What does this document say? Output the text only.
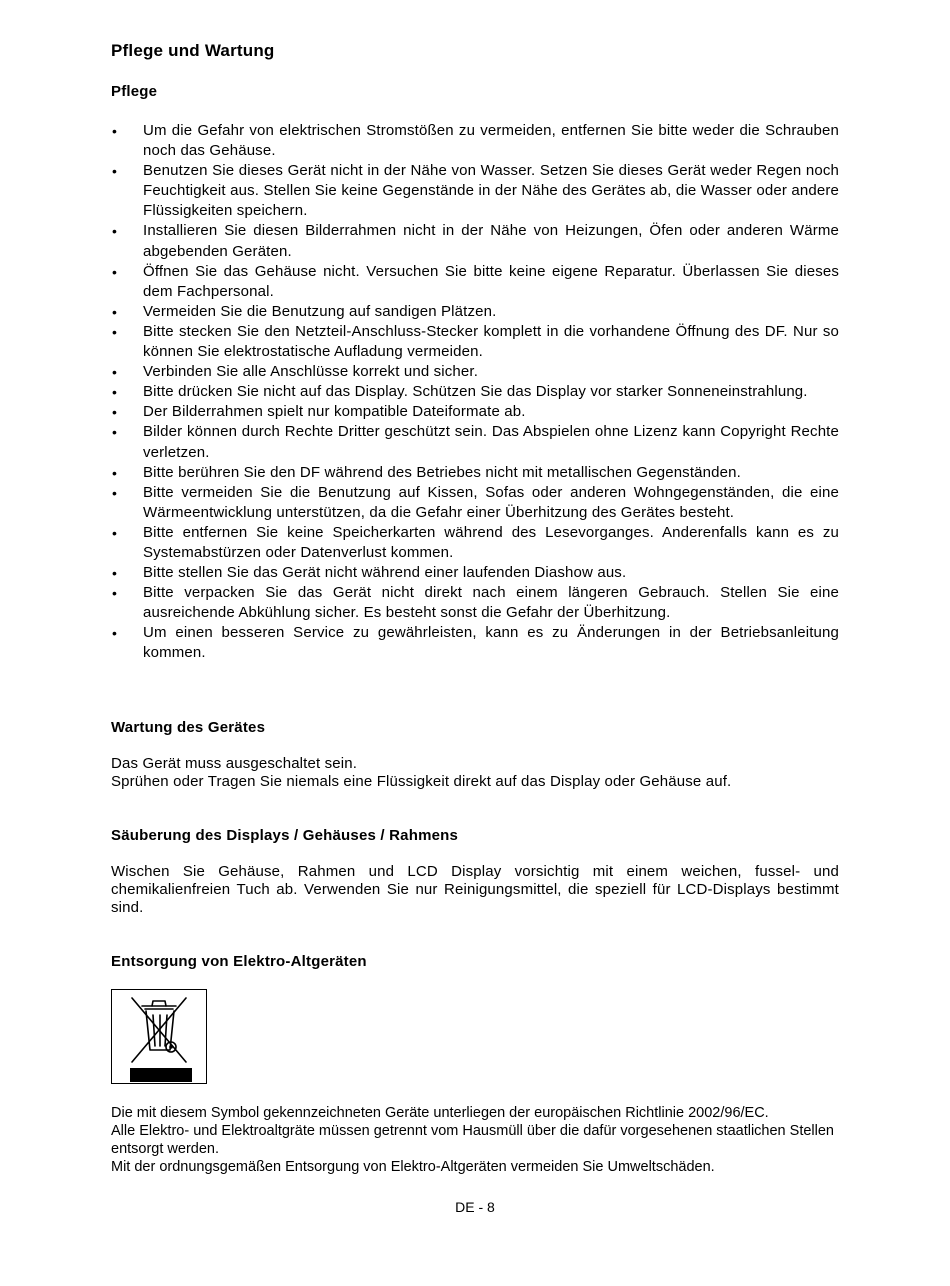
Pflege und Wartung
Pflege
• Um die Gefahr von elektrischen Stromstößen zu vermeiden, entfernen Sie bitte weder die Schrauben noch das Gehäuse.
• Benutzen Sie dieses Gerät nicht in der Nähe von Wasser. Setzen Sie dieses Gerät weder Regen noch Feuchtigkeit aus. Stellen Sie keine Gegenstände in der Nähe des Gerätes ab, die Wasser oder andere Flüssigkeiten speichern.
• Installieren Sie diesen Bilderrahmen nicht in der Nähe von Heizungen, Öfen oder anderen Wärme abgebenden Geräten.
• Öffnen Sie das Gehäuse nicht. Versuchen Sie bitte keine eigene Reparatur. Überlassen Sie dieses dem Fachpersonal.
• Vermeiden Sie die Benutzung auf sandigen Plätzen.
• Bitte stecken Sie den Netzteil-Anschluss-Stecker komplett in die vorhandene Öffnung des DF. Nur so können Sie elektrostatische Aufladung vermeiden.
• Verbinden Sie alle Anschlüsse korrekt und sicher.
• Bitte drücken Sie nicht auf das Display. Schützen Sie das Display vor starker Sonneneinstrahlung.
• Der Bilderrahmen spielt nur kompatible Dateiformate ab.
• Bilder können durch Rechte Dritter geschützt sein. Das Abspielen ohne Lizenz kann Copyright Rechte verletzen.
• Bitte berühren Sie den DF während des Betriebes nicht mit metallischen Gegenständen.
• Bitte vermeiden Sie die Benutzung auf Kissen, Sofas oder anderen Wohngegenständen, die eine Wärmeentwicklung unterstützen, da die Gefahr einer Überhitzung des Gerätes besteht.
• Bitte entfernen Sie keine Speicherkarten während des Lesevorganges. Anderenfalls kann es zu Systemabstürzen oder Datenverlust kommen.
• Bitte stellen Sie das Gerät nicht während einer laufenden Diashow aus.
• Bitte verpacken Sie das Gerät nicht direkt nach einem längeren Gebrauch. Stellen Sie eine ausreichende Abkühlung sicher. Es besteht sonst die Gefahr der Überhitzung.
• Um einen besseren Service zu gewährleisten, kann es zu Änderungen in der Betriebsanleitung kommen.
Wartung des Gerätes
Das Gerät muss ausgeschaltet sein.
Sprühen oder Tragen Sie niemals eine Flüssigkeit direkt auf das Display oder Gehäuse auf.
Säuberung des Displays / Gehäuses / Rahmens
Wischen Sie Gehäuse, Rahmen und LCD Display vorsichtig mit einem weichen, fussel- und chemikalienfreien Tuch ab. Verwenden Sie nur Reinigungsmittel, die speziell für LCD-Displays bestimmt sind.
Entsorgung von Elektro-Altgeräten
Die mit diesem Symbol gekennzeichneten Geräte unterliegen der europäischen Richtlinie 2002/96/EC.
Alle Elektro- und Elektroaltgräte müssen getrennt vom Hausmüll über die dafür vorgesehenen staatlichen Stellen entsorgt werden.
Mit der ordnungsgemäßen Entsorgung von Elektro-Altgeräten vermeiden Sie Umweltschäden.
DE - 8
